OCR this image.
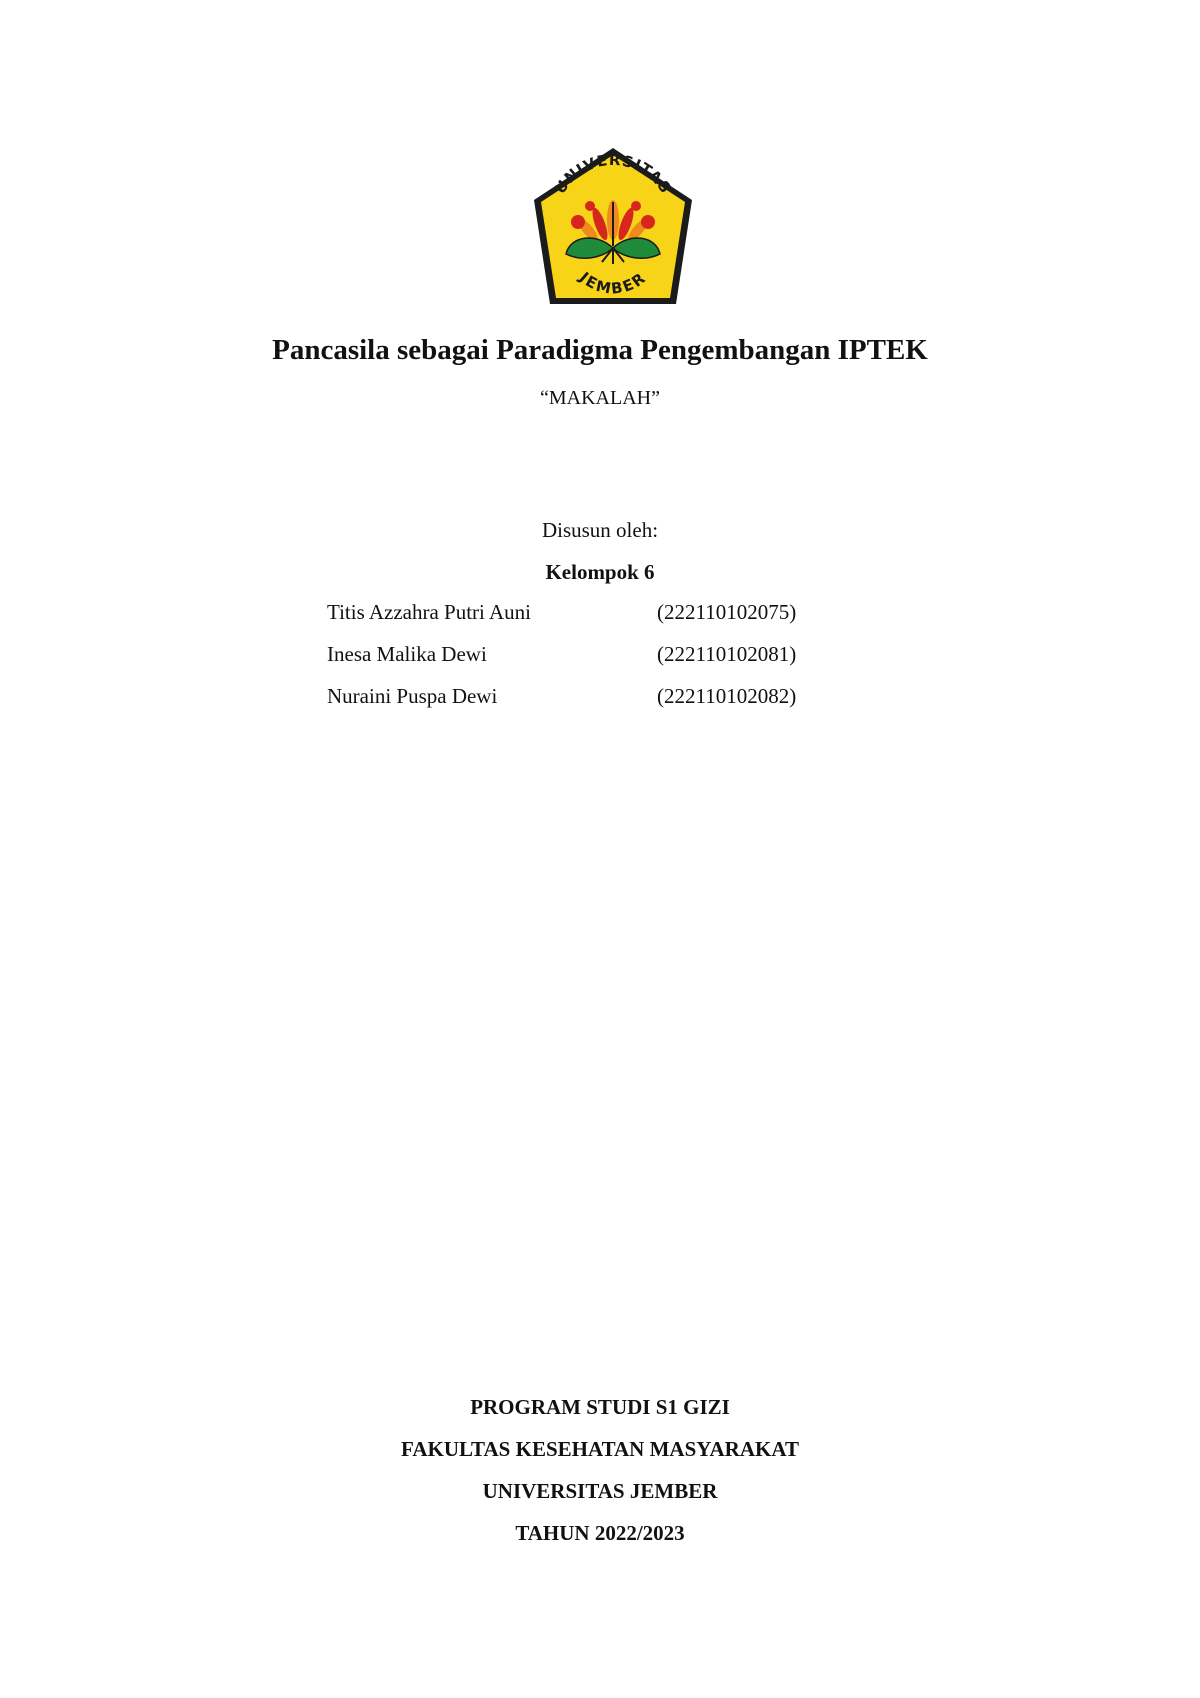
UNIVERSITAS
JEMBER
Pancasila sebagai Paradigma Pengembangan IPTEK
“MAKALAH”
Disusun oleh:
Kelompok 6
Titis Azzahra Putri Auni	(222110102075)
Inesa Malika Dewi	(222110102081)
Nuraini Puspa Dewi	(222110102082)
PROGRAM STUDI S1 GIZI
FAKULTAS KESEHATAN MASYARAKAT
UNIVERSITAS JEMBER
TAHUN 2022/2023
